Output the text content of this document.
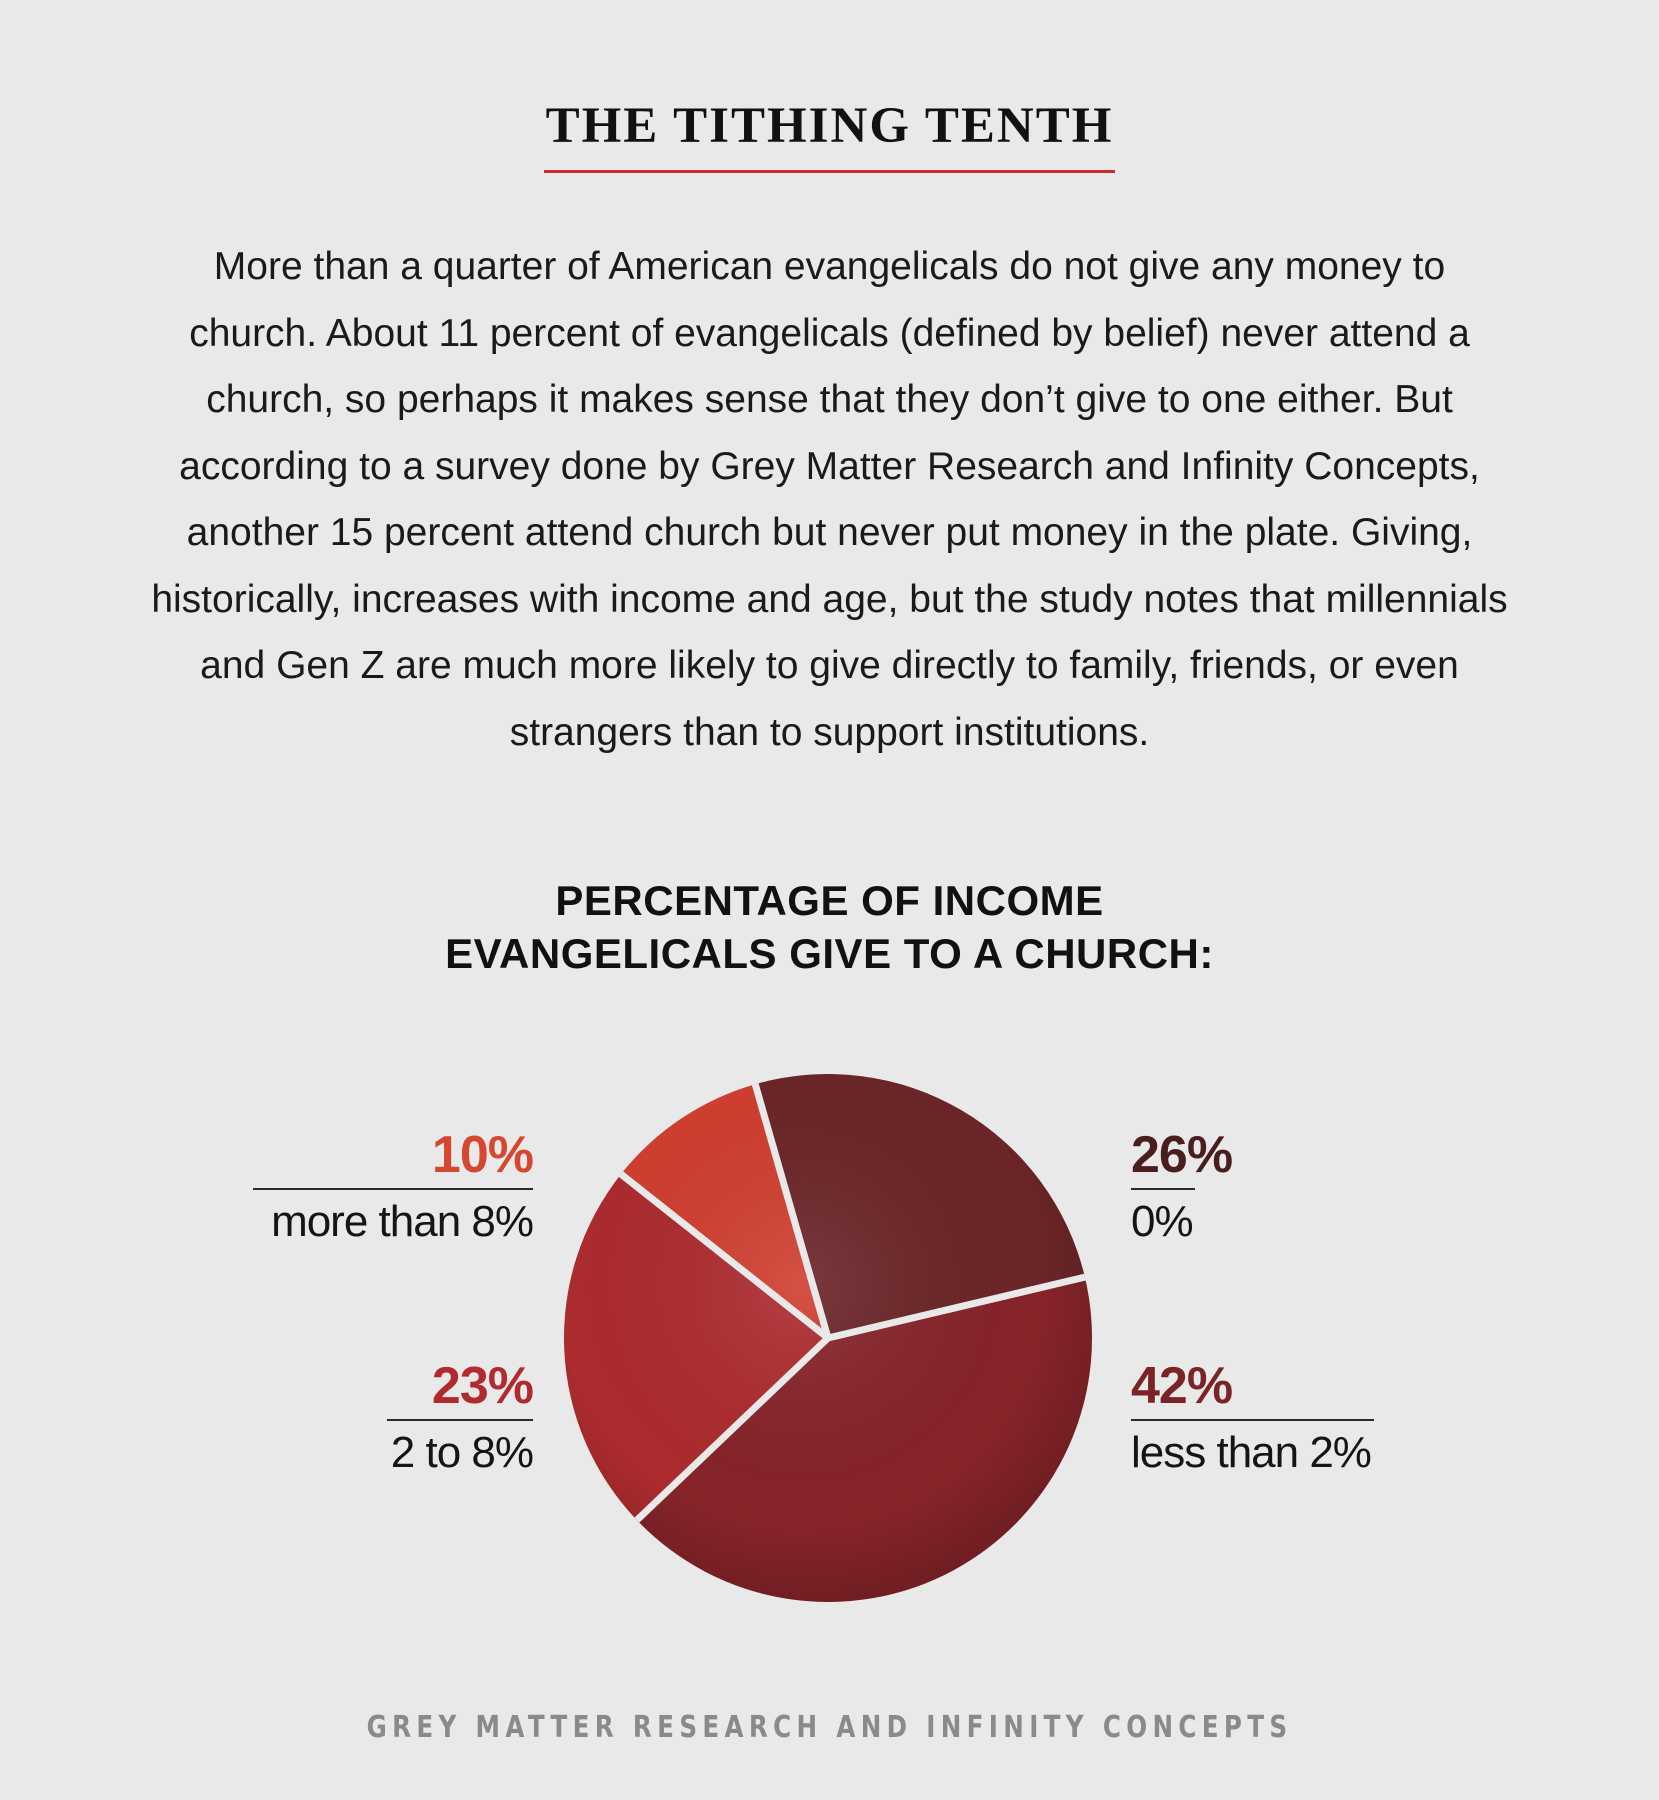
THE TITHING TENTH

More than a quarter of American evangelicals do not give any money to church. About 11 percent of evangelicals (defined by belief) never attend a church, so perhaps it makes sense that they don’t give to one either. But according to a survey done by Grey Matter Research and Infinity Concepts, another 15 percent attend church but never put money in the plate. Giving, historically, increases with income and age, but the study notes that millennials and Gen Z are much more likely to give directly to family, friends, or even strangers than to support institutions.

PERCENTAGE OF INCOME
EVANGELICALS GIVE TO A CHURCH:
10%
more than 8%
23%
2 to 8%
26%
0%
42%
less than 2%
GREY MATTER RESEARCH AND INFINITY CONCEPTS
